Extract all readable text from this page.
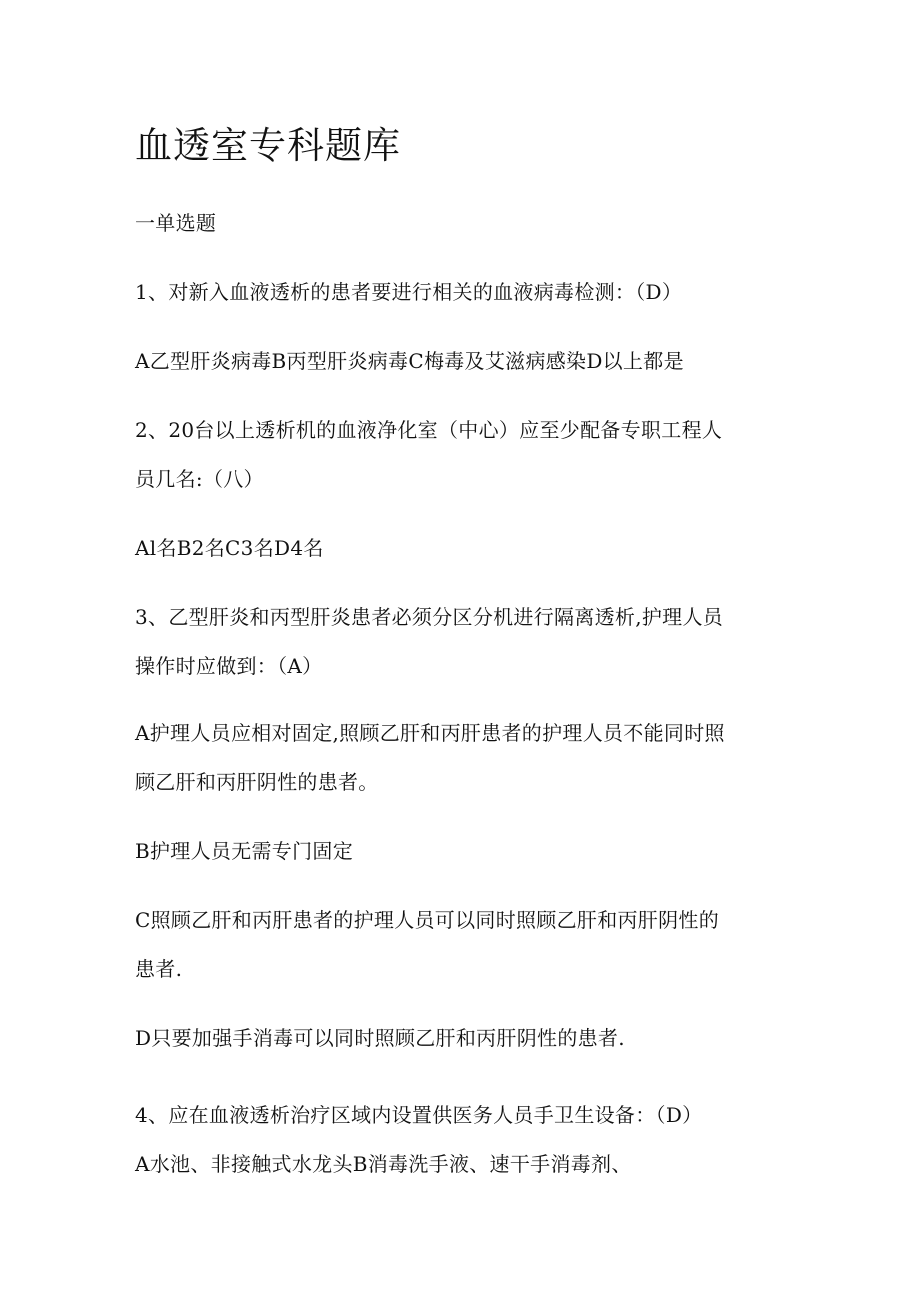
血透室专科题库
一单选题
1、对新入血液透析的患者要进行相关的血液病毒检测：（D）
A乙型肝炎病毒B丙型肝炎病毒C梅毒及艾滋病感染D以上都是
2、20台以上透析机的血液净化室（中心）应至少配备专职工程人
员几名:（八）
Al名B2名C3名D4名
3、乙型肝炎和丙型肝炎患者必须分区分机进行隔离透析,护理人员
操作时应做到：（A）
A护理人员应相对固定,照顾乙肝和丙肝患者的护理人员不能同时照
顾乙肝和丙肝阴性的患者。
B护理人员无需专门固定
C照顾乙肝和丙肝患者的护理人员可以同时照顾乙肝和丙肝阴性的
患者.
D只要加强手消毒可以同时照顾乙肝和丙肝阴性的患者.
4、应在血液透析治疗区域内设置供医务人员手卫生设备：（D）
A水池、非接触式水龙头B消毒洗手液、速干手消毒剂、
